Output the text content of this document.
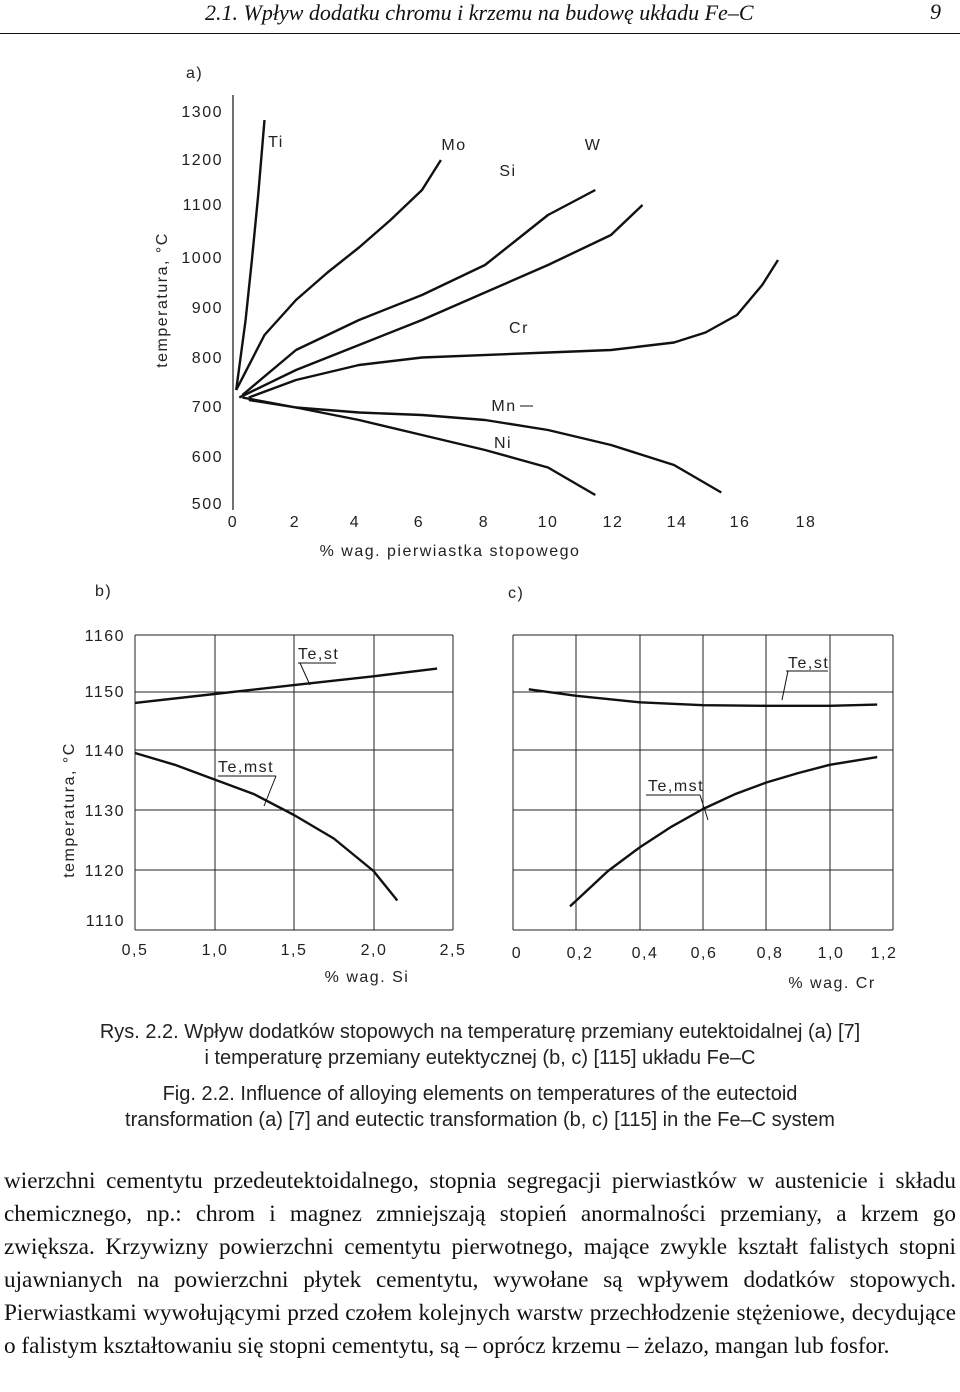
2.1. Wpływ dodatku chromu i krzemu na budowę układu Fe–C	9
a)
temperatura, °C
% wag. pierwiastka stopowego
1300
1200
1100
1000
900
800
700
600
500
0	2	4	6	8	10	12	14	16	18
Ti	Mo
Si
W
Cr
Mn
Ni
b)
temperatura, °C
% wag. Si
1160
1150
1140
1130
1120
1110
0,5	1,0	1,5	2,0	2,5
Te,st
Te,mst
c)
% wag. Cr
0	0,2 0,4 0,6 0,8 1,0 1,2
Te,st
Te,mst
Rys. 2.2. Wpływ dodatków stopowych na temperaturę przemiany eutektoidalnej (a) [7]
i temperaturę przemiany eutektycznej (b, c) [115] układu Fe–C
Fig. 2.2. Influence of alloying elements on temperatures of the eutectoid
transformation (a) [7] and eutectic transformation (b, c) [115] in the Fe–C system
wierzchni cementytu przedeutektoidalnego, stopnia segregacji pierwiastków w austenicie i składu chemicznego, np.: chrom i magnez zmniejszają stopień anormalności przemiany, a krzem go zwiększa. Krzywizny powierzchni cementytu pierwotnego, mające zwykle kształt falistych stopni ujawnianych na powierzchni płytek cementytu, wywołane są wpływem dodatków stopowych. Pierwiastkami wywołującymi przed czołem kolejnych warstw przechłodzenie stężeniowe, decydujące o falistym kształtowaniu się stopni cementytu, są – oprócz krzemu – żelazo, mangan lub fosfor.
